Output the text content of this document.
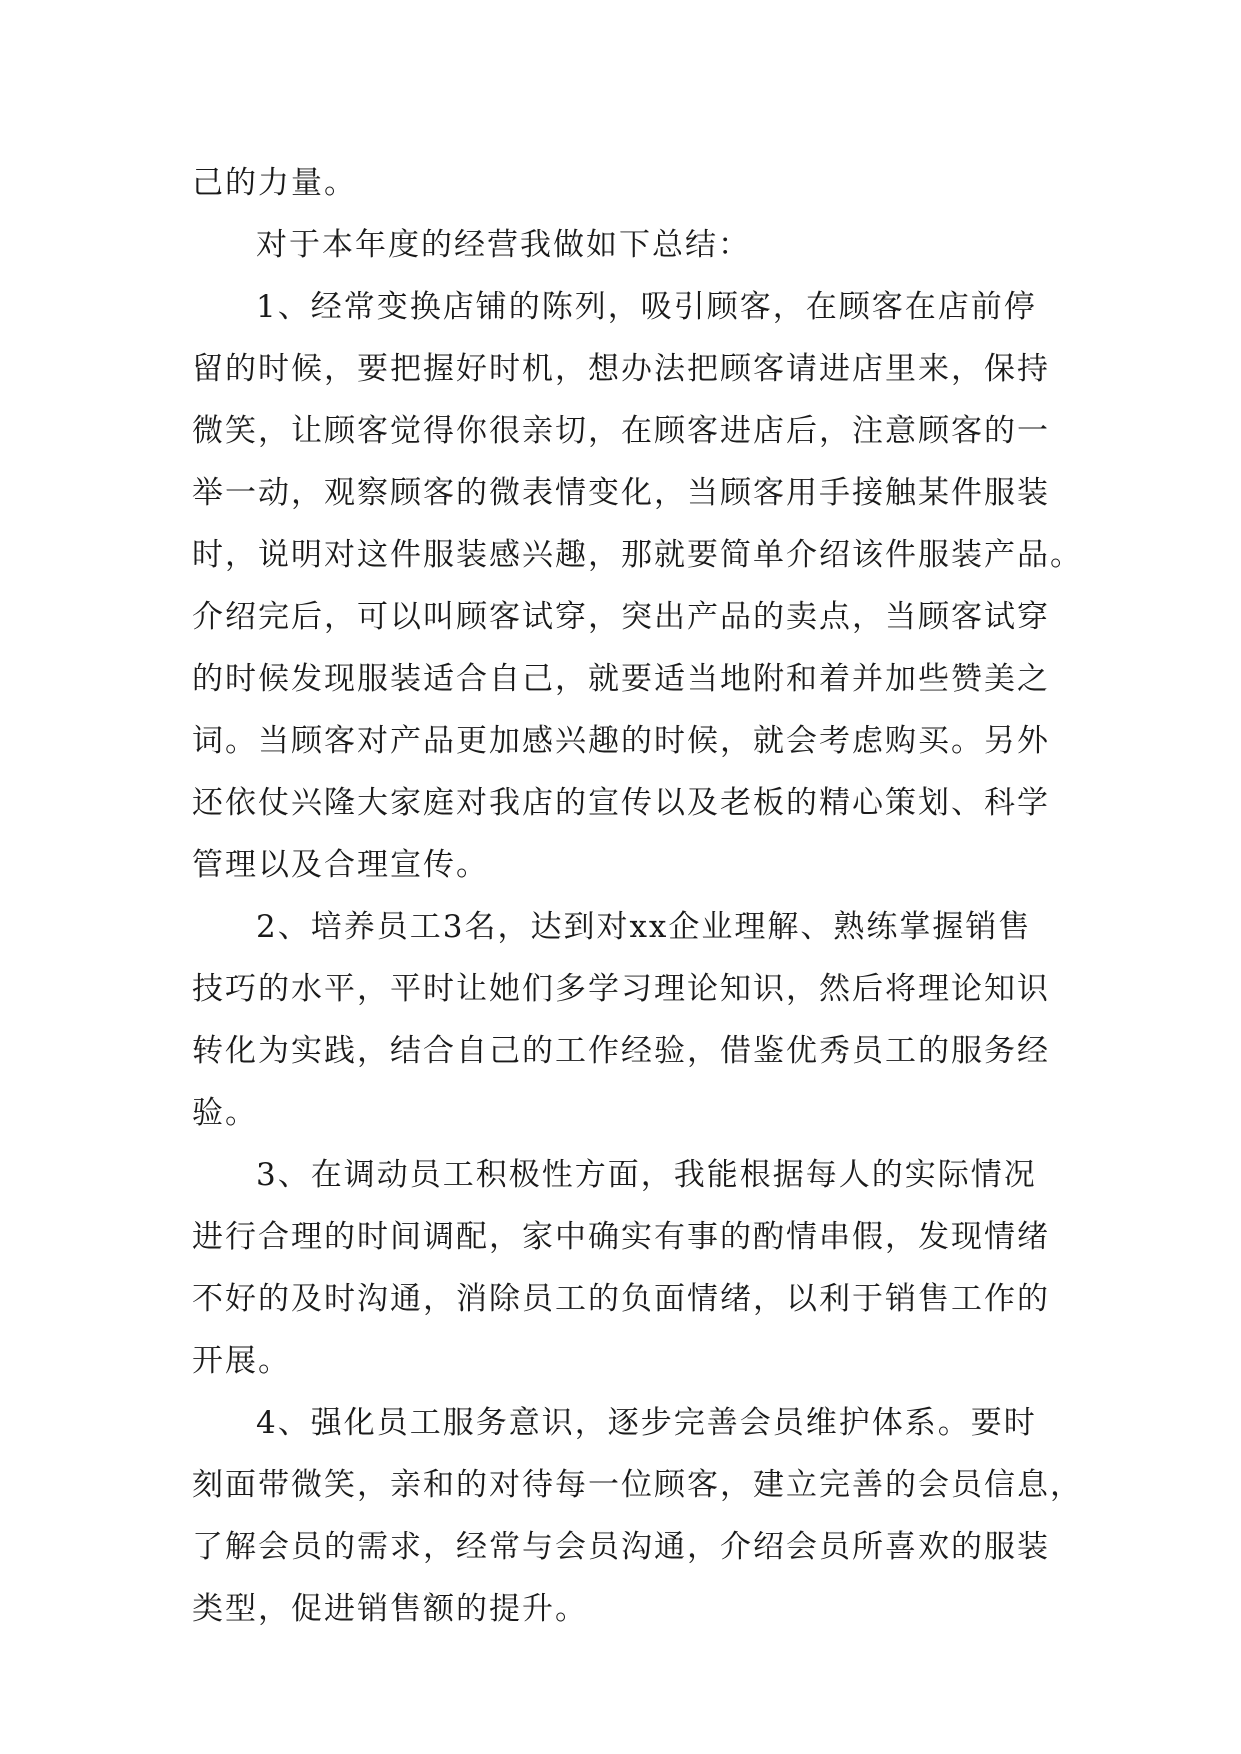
己的力量。

对于本年度的经营我做如下总结：

1、经常变换店铺的陈列，吸引顾客，在顾客在店前停
留的时候，要把握好时机，想办法把顾客请进店里来，保持
微笑，让顾客觉得你很亲切，在顾客进店后，注意顾客的一
举一动，观察顾客的微表情变化，当顾客用手接触某件服装
时，说明对这件服装感兴趣，那就要简单介绍该件服装产品。
介绍完后，可以叫顾客试穿，突出产品的卖点，当顾客试穿
的时候发现服装适合自己，就要适当地附和着并加些赞美之
词。当顾客对产品更加感兴趣的时候，就会考虑购买。另外
还依仗兴隆大家庭对我店的宣传以及老板的精心策划、科学
管理以及合理宣传。

2、培养员工3名，达到对xx企业理解、熟练掌握销售
技巧的水平，平时让她们多学习理论知识，然后将理论知识
转化为实践，结合自己的工作经验，借鉴优秀员工的服务经
验。

3、在调动员工积极性方面，我能根据每人的实际情况
进行合理的时间调配，家中确实有事的酌情串假，发现情绪
不好的及时沟通，消除员工的负面情绪，以利于销售工作的
开展。

4、强化员工服务意识，逐步完善会员维护体系。要时
刻面带微笑，亲和的对待每一位顾客，建立完善的会员信息，
了解会员的需求，经常与会员沟通，介绍会员所喜欢的服装
类型，促进销售额的提升。
